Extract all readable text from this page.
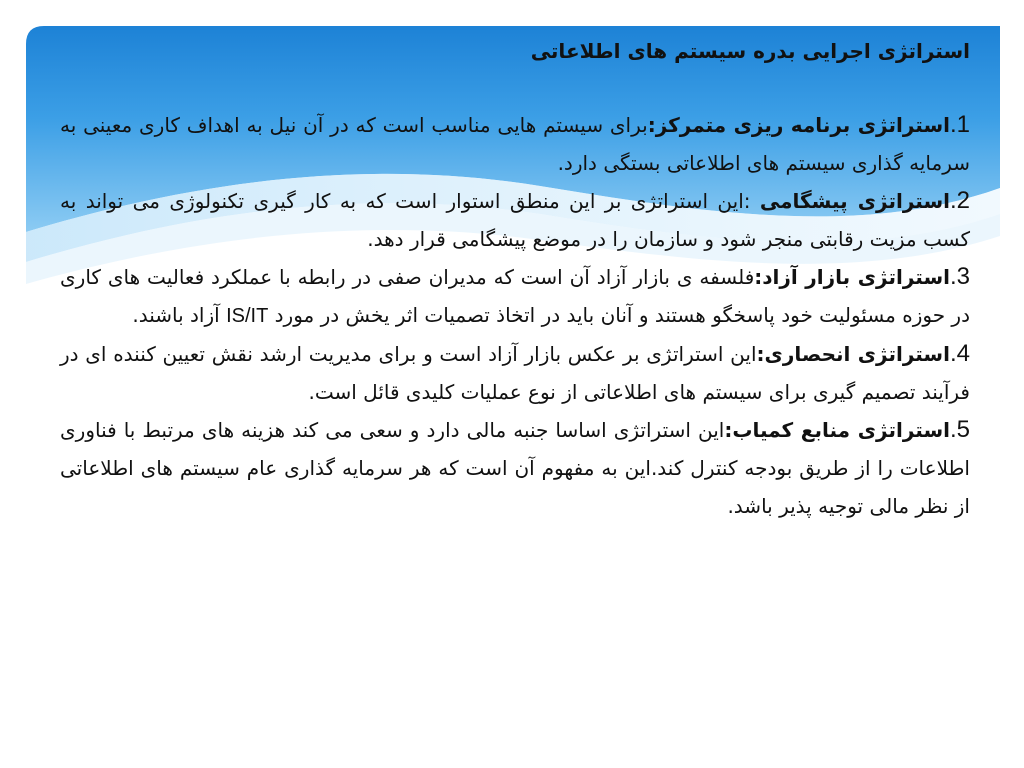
استراتژی اجرایی بدره سیستم های اطلاعاتی

1.استراتژی برنامه ریزی متمرکز:برای سیستم هایی مناسب است که در آن نیل به اهداف کاری معینی به سرمایه گذاری سیستم های اطلاعاتی بستگی دارد.

2.استراتژی پیشگامی :این استراتژی بر این منطق استوار است که به کار گیری تکنولوژی می تواند به کسب مزیت رقابتی منجر شود و سازمان را در موضع پیشگامی قرار دهد.

3.استراتژی بازار آزاد:فلسفه ی بازار آزاد آن است که مدیران صفی در رابطه با عملکرد فعالیت های کاری در حوزه مسئولیت خود پاسخگو هستند و آنان باید در اتخاذ تصمیات اثر یخش در مورد IS/IT آزاد باشند.

4.استراتژی انحصاری:این استراتژی بر عکس بازار آزاد است و برای مدیریت ارشد نقش تعیین کننده ای در فرآیند تصمیم گیری برای سیستم های اطلاعاتی از نوع عملیات کلیدی قائل است.

5.استراتژی منابع کمیاب:این استراتژی اساسا جنبه مالی دارد و سعی می کند هزینه های مرتبط با فناوری اطلاعات را از طریق بودجه کنترل کند.این به مفهوم آن است که هر سرمایه گذاری عام سیستم های اطلاعاتی از نظر مالی توجیه پذیر باشد.
